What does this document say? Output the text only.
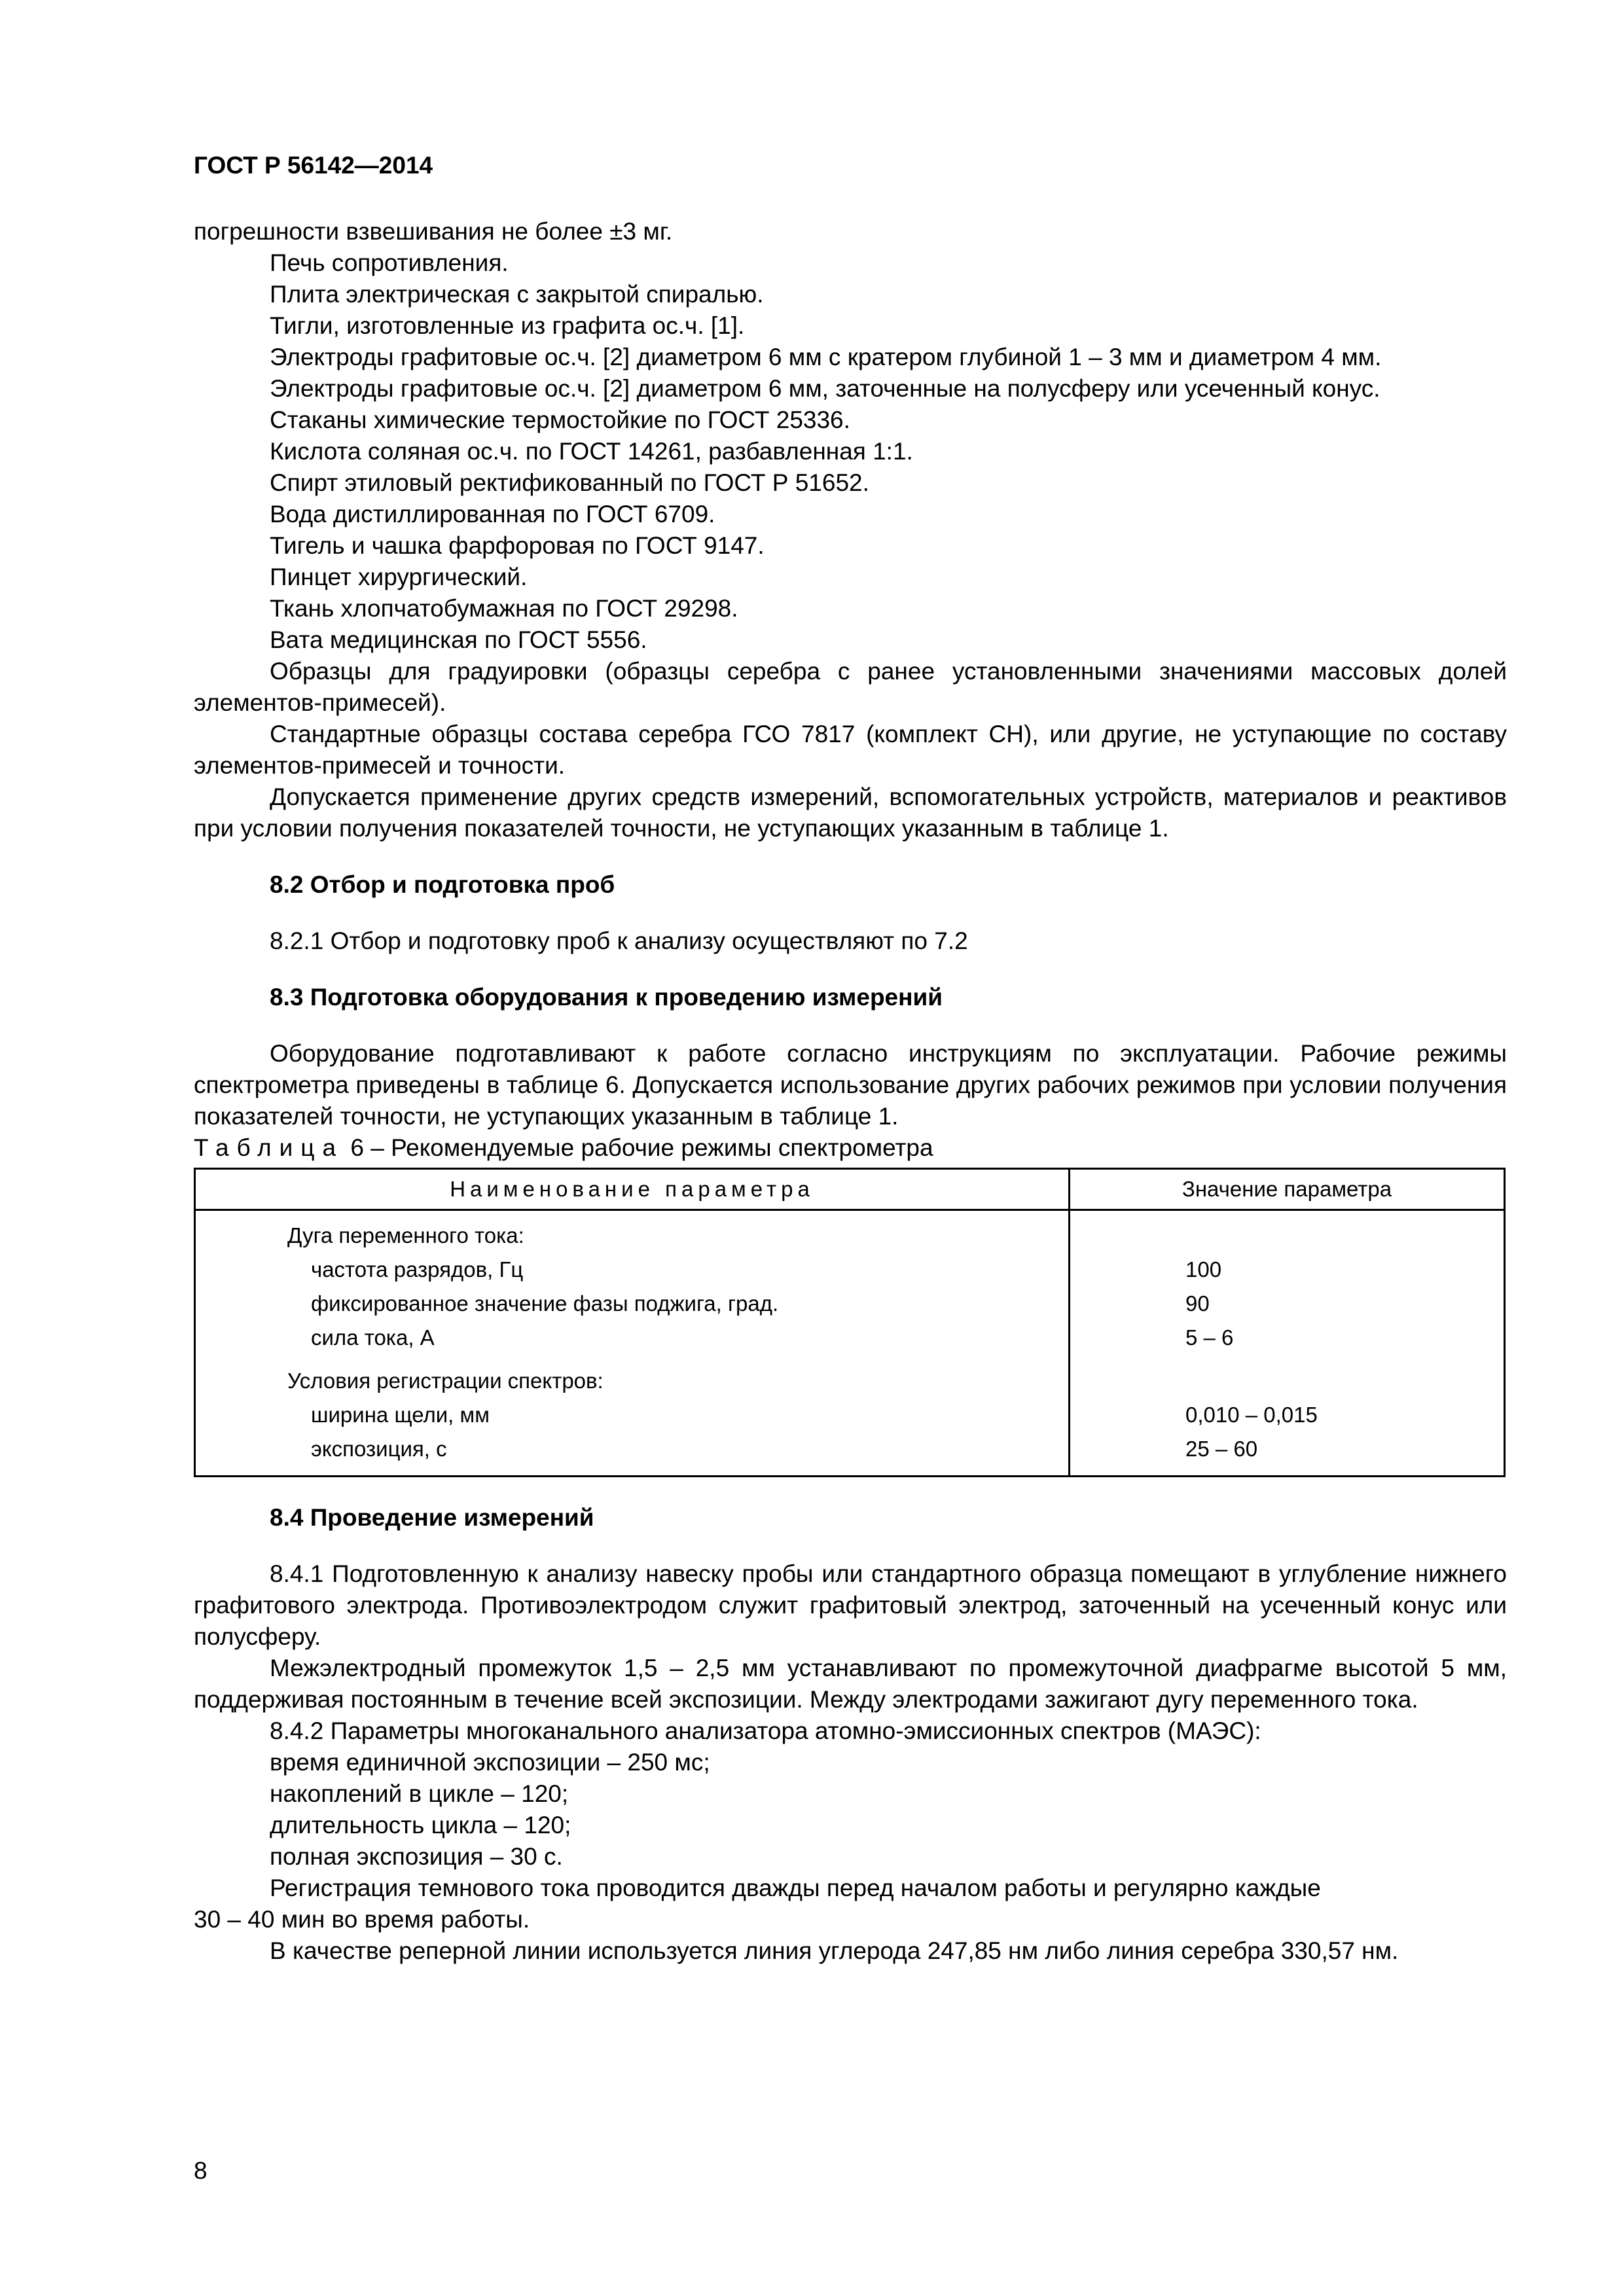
ГОСТ Р 56142—2014

погрешности взвешивания не более ±3 мг.

Печь сопротивления.

Плита электрическая с закрытой спиралью.

Тигли, изготовленные из графита ос.ч. [1].

Электроды графитовые ос.ч. [2] диаметром 6 мм с кратером глубиной 1 – 3 мм и диаметром 4 мм.

Электроды графитовые ос.ч. [2] диаметром 6 мм, заточенные на полусферу или усеченный конус.

Стаканы химические термостойкие по ГОСТ 25336.

Кислота соляная ос.ч. по ГОСТ 14261, разбавленная 1:1.

Спирт этиловый ректификованный по ГОСТ Р 51652.

Вода дистиллированная по ГОСТ 6709.

Тигель и чашка фарфоровая по ГОСТ 9147.

Пинцет хирургический.

Ткань хлопчатобумажная по ГОСТ 29298.

Вата медицинская по ГОСТ 5556.

Образцы для градуировки (образцы серебра с ранее установленными значениями массовых долей элементов-примесей).

Стандартные образцы состава серебра ГСО 7817 (комплект СН), или другие, не уступающие по составу элементов-примесей и точности.

Допускается применение других средств измерений, вспомогательных устройств, материалов и реактивов при условии получения показателей точности, не уступающих указанным в таблице 1.

8.2 Отбор и подготовка проб

8.2.1 Отбор и подготовку проб к анализу осуществляют по 7.2

8.3 Подготовка оборудования к проведению измерений

Оборудование подготавливают к работе согласно инструкциям по эксплуатации. Рабочие режимы спектрометра приведены в таблице 6. Допускается использование других рабочих режимов при условии получения показателей точности, не уступающих указанным в таблице 1.

Таблица 6 – Рекомендуемые рабочие режимы спектрометра

Наименование параметра	Значение параметра

Дуга переменного тока:	

частота разрядов, Гц	100

фиксированное значение фазы поджига, град.	90

сила тока, А	5 – 6

Условия регистрации спектров:	

ширина щели, мм	0,010 – 0,015

экспозиция, с	25 – 60
8.4 Проведение измерений

8.4.1 Подготовленную к анализу навеску пробы или стандартного образца помещают в углубление нижнего графитового электрода. Противоэлектродом служит графитовый электрод, заточенный на усеченный конус или полусферу.

Межэлектродный промежуток 1,5 – 2,5 мм устанавливают по промежуточной диафрагме высотой 5 мм, поддерживая постоянным в течение всей экспозиции. Между электродами зажигают дугу переменного тока.

8.4.2 Параметры многоканального анализатора атомно-эмиссионных спектров (МАЭС):

время единичной экспозиции – 250 мс;

накоплений в цикле – 120;

длительность цикла – 120;

полная экспозиция – 30 с.

Регистрация темнового тока проводится дважды перед началом работы и регулярно каждые

30 – 40 мин во время работы.

В качестве реперной линии используется линия углерода 247,85 нм либо линия серебра 330,57 нм.

8
